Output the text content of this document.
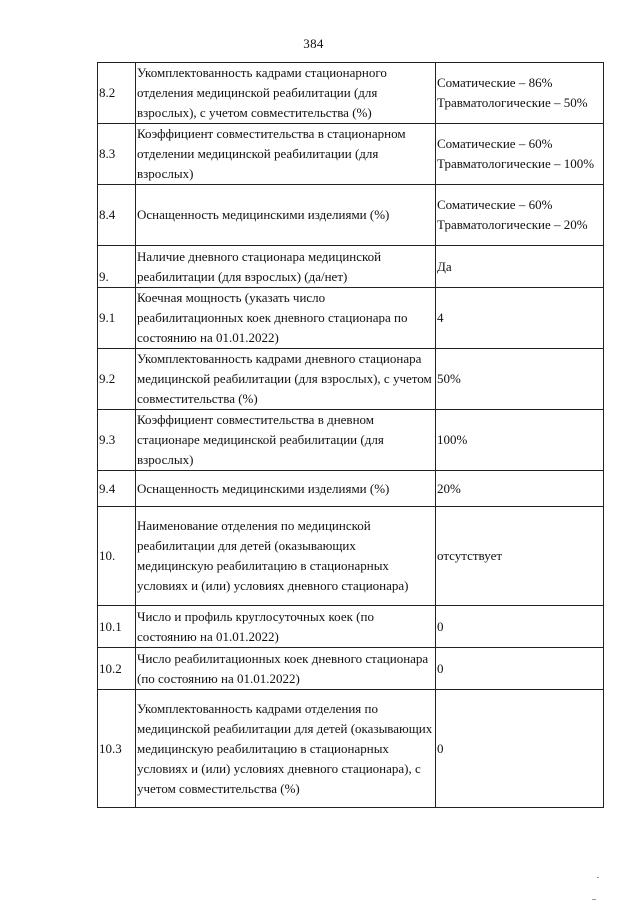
384
8.2	Укомплектованность кадрами стационарного отделения медицинской реабилитации (для взрослых), с учетом совместительства (%)	Соматические – 86% Травматологические – 50%
8.3	Коэффициент совместительства в стационарном отделении медицинской реабилитации (для взрослых)	Соматические – 60% Травматологические – 100%
8.4	Оснащенность медицинскими изделиями (%)	Соматические – 60% Травматологические – 20%
9.	Наличие дневного стационара медицинской реабилитации (для взрослых) (да/нет)	Да
9.1	Коечная мощность (указать число реабилитационных коек дневного стационара по состоянию на 01.01.2022)	4
9.2	Укомплектованность кадрами дневного стационара медицинской реабилитации (для взрослых), с учетом совместительства (%)	50%
9.3	Коэффициент совместительства в дневном стационаре медицинской реабилитации (для взрослых)	100%
9.4	Оснащенность медицинскими изделиями (%)	20%
10.	Наименование отделения по медицинской реабилитации для детей (оказывающих медицинскую реабилитацию в стационарных условиях и (или) условиях дневного стационара)	отсутствует
10.1	Число и профиль круглосуточных коек (по состоянию на 01.01.2022)	0
10.2	Число реабилитационных коек дневного стационара (по состоянию на 01.01.2022)	0
10.3	Укомплектованность кадрами отделения по медицинской реабилитации для детей (оказывающих медицинскую реабилитацию в стационарных условиях и (или) условиях дневного стационара), с учетом совместительства (%)	0
